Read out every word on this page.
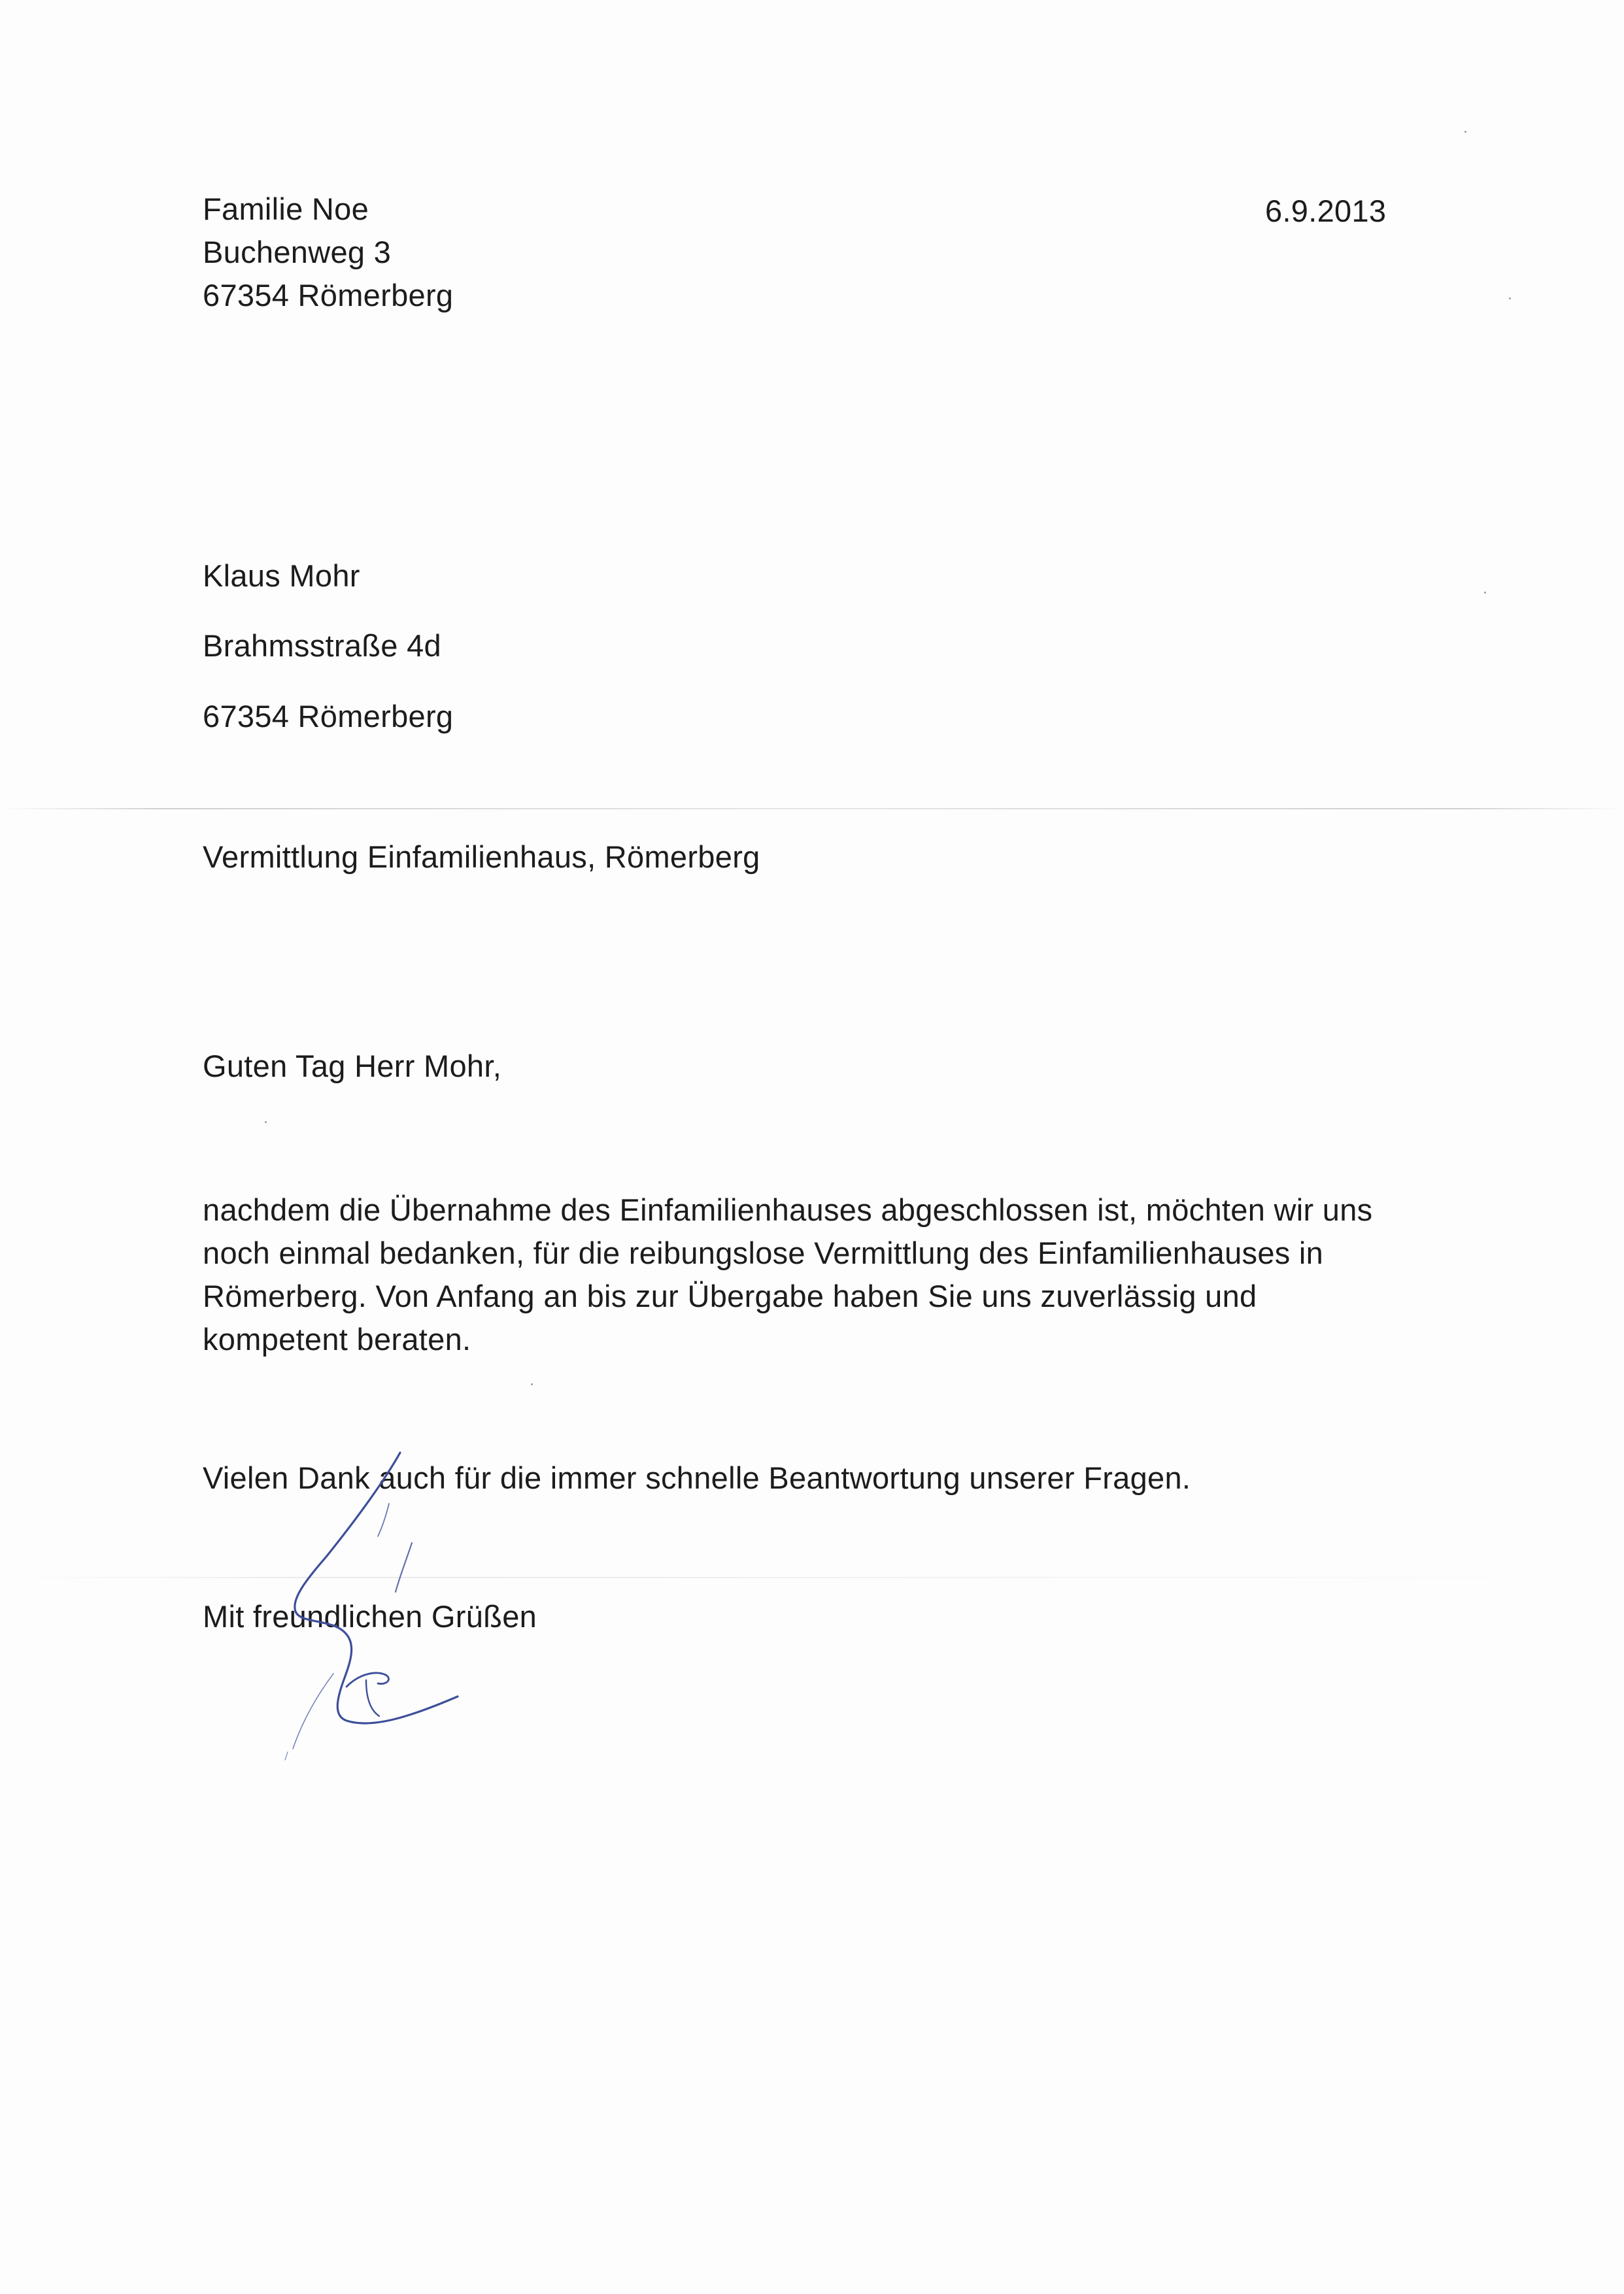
Familie Noe
Buchenweg 3
67354 Römerberg
6.9.2013
Klaus Mohr
Brahmsstraße 4d
67354 Römerberg
Vermittlung Einfamilienhaus, Römerberg
Guten Tag Herr Mohr,
nachdem die Übernahme des Einfamilienhauses abgeschlossen ist, möchten wir uns
noch einmal bedanken, für die reibungslose Vermittlung des Einfamilienhauses in
Römerberg. Von Anfang an bis zur Übergabe haben Sie uns zuverlässig und
kompetent beraten.
Vielen Dank auch für die immer schnelle Beantwortung unserer Fragen.
Mit freundlichen Grüßen
